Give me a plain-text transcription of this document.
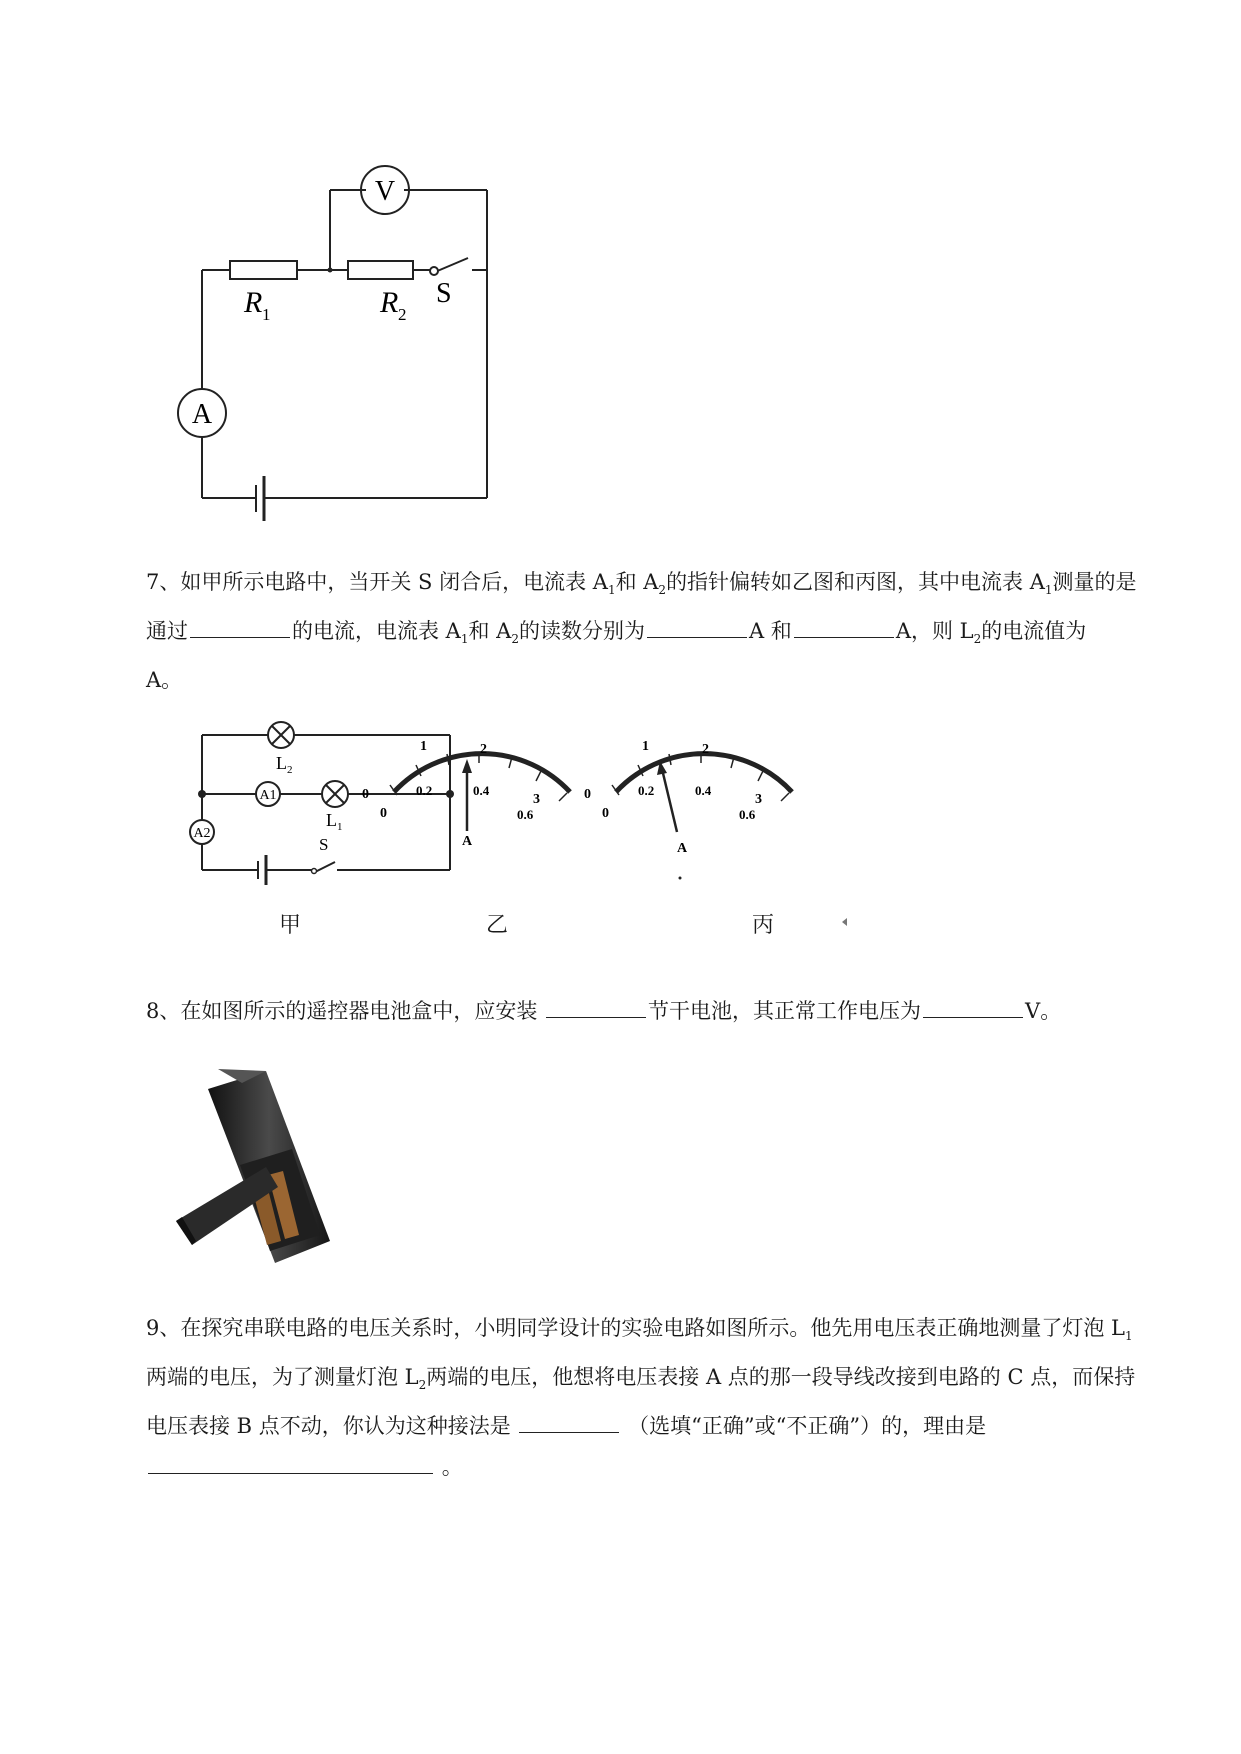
V
A
R 1	R 2
S
7、如甲所示电路中，当开关 S 闭合后，电流表 $A_1$和 $A_2$的指针偏转如乙图和丙图，其中电流表 $A_1$测量的是通过	的电流，电流表 $A_1$和 $A_2$的读数分别为	A 和	A，则 $L_2$的电流值为
A。
L 2
A1
L 1
A2
S
1	2
0	3
0
0.2	0.4
0.6
A
1	2
0	3
0
0.2	0.4
0.6
A
甲	乙	丙
8、在如图所示的遥控器电池盒中，应安装	节干电池，其正常工作电压为	V。
9、在探究串联电路的电压关系时，小明同学设计的实验电路如图所示。他先用电压表正确地测量了灯泡 $L_1$两端的电压，为了测量灯泡 $L_2$两端的电压，他想将电压表接 A 点的那一段导线改接到电路的 C 点，而保持电压表接 B 点不动，你认为这种接法是	（选填“正确”或“不正确”）的，理由是  。
